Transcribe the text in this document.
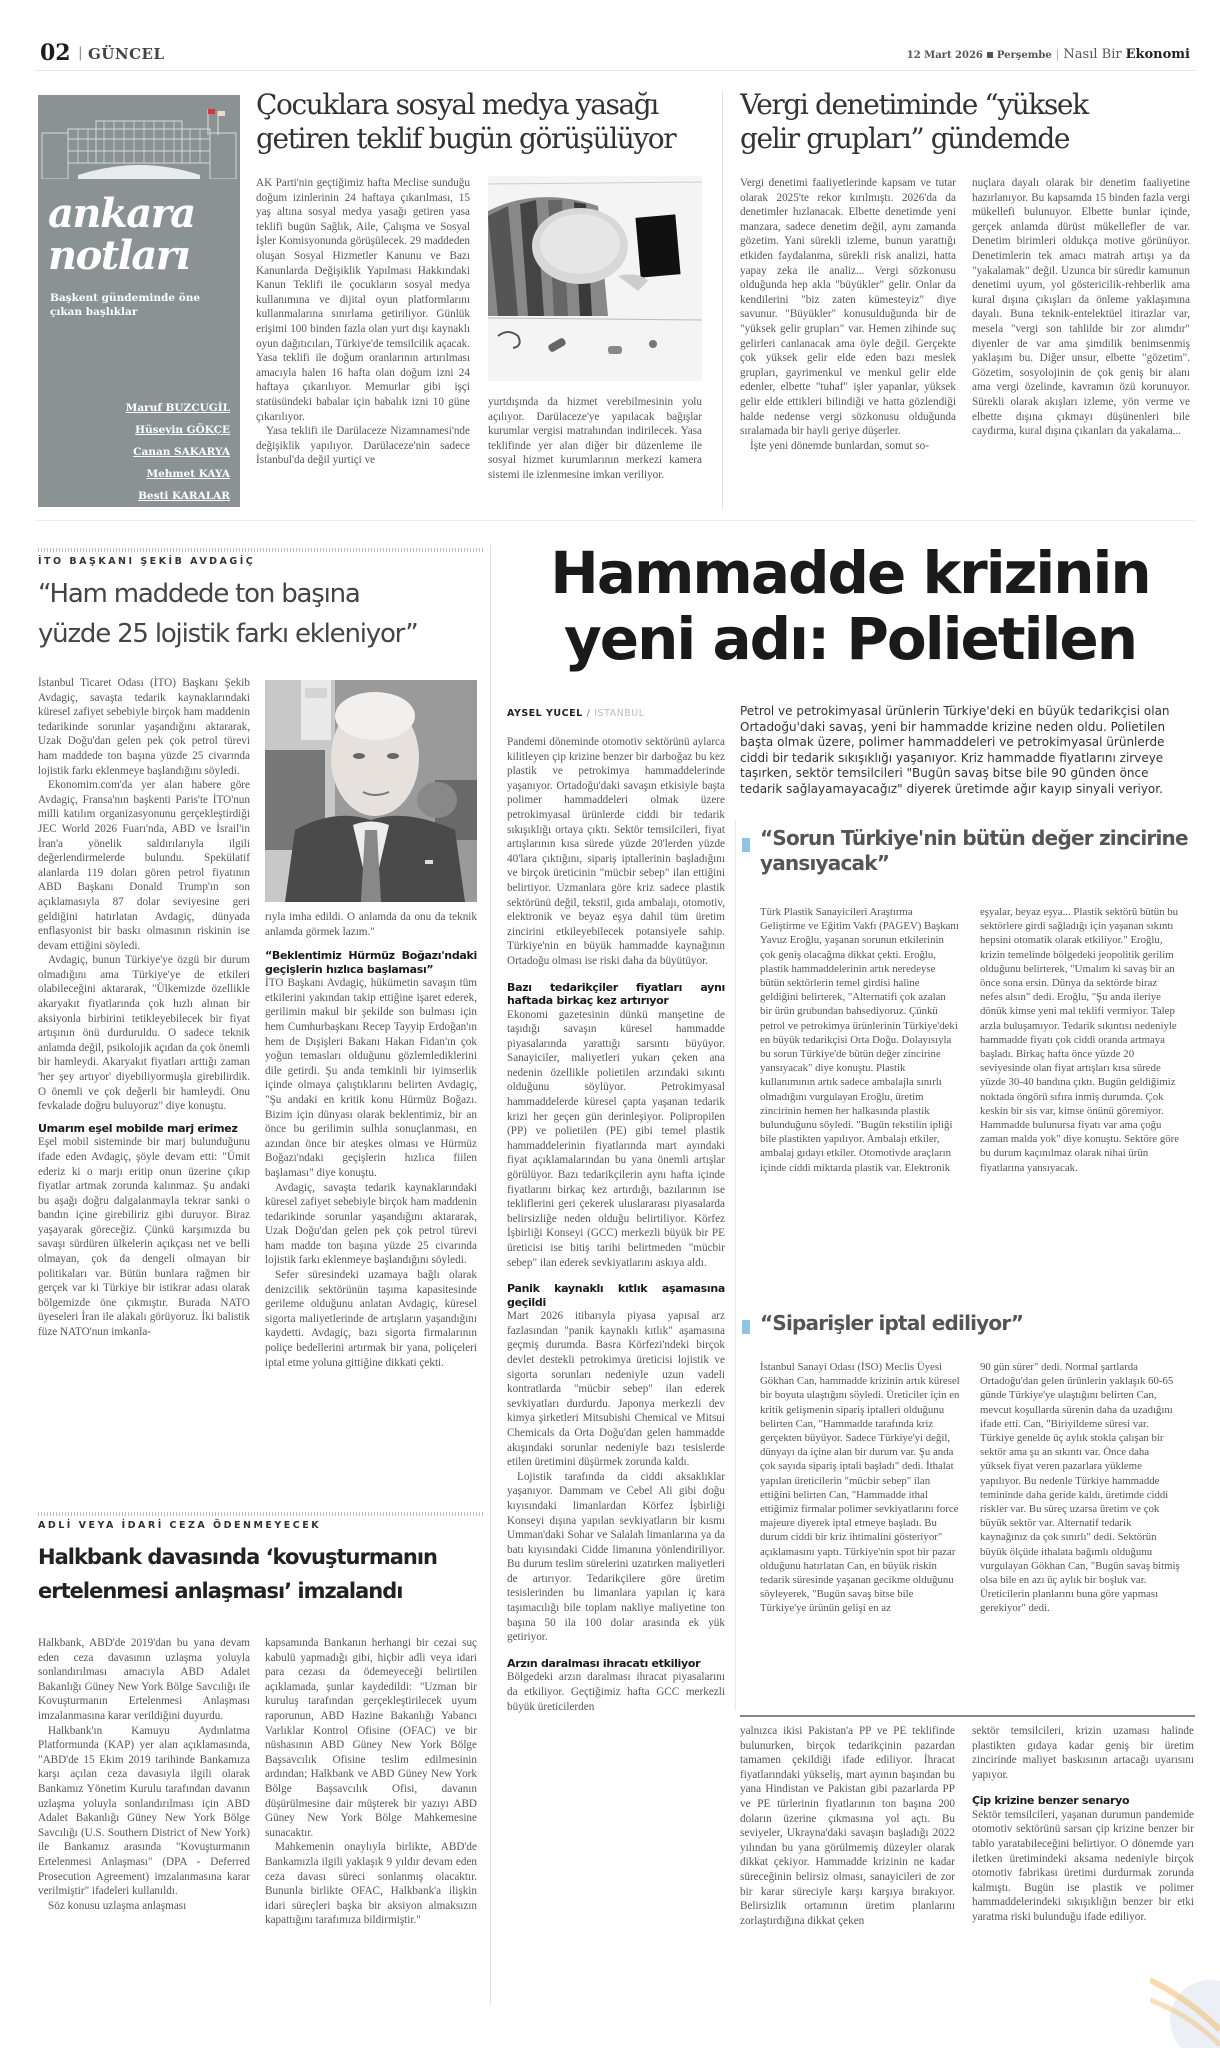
02 | GÜNCEL	12 Mart 2026 Perşembe | Nasıl Bir Ekonomi
ankara
notları
Başkent gündeminde öne çıkan başlıklar
Maruf BUZCUGİL
Hüseyin GÖKÇE
Canan SAKARYA
Mehmet KAYA
Besti KARALAR
Çocuklara sosyal medya yasağı
getiren teklif bugün görüşülüyor

AK Parti'nin geçtiğimiz hafta Meclise sunduğu doğum izinlerinin 24 haftaya çıkarılması, 15 yaş altına sosyal medya yasağı getiren yasa teklifi bugün Sağlık, Aile, Çalışma ve Sosyal İşler Komisyonunda görüşülecek. 29 maddeden oluşan Sosyal Hizmetler Kanunu ve Bazı Kanunlarda Değişiklik Yapılması Hakkındaki Kanun Teklifi ile çocukların sosyal medya kullanımına ve dijital oyun platformlarını kullanmalarına sınırlama getiriliyor. Günlük erişimi 100 binden fazla olan yurt dışı kaynaklı oyun dağıtıcıları, Türkiye'de temsilcilik açacak. Yasa teklifi ile doğum oranlarının artırılması amacıyla halen 16 hafta olan doğum izni 24 haftaya çıkarılıyor. Memurlar gibi işçi statüsündeki babalar için babalık izni 10 güne çıkarılıyor.

Yasa teklifi ile Darülaceze Nizamnamesi'nde değişiklik yapılıyor. Darülaceze'nin sadece İstanbul'da değil yurtiçi ve

yurtdışında da hizmet verebilmesinin yolu açılıyor. Darülaceze'ye yapılacak bağışlar kurumlar vergisi matrahından indirilecek. Yasa teklifinde yer alan diğer bir düzenleme ile sosyal hizmet kurumlarının merkezi kamera sistemi ile izlenmesine imkan veriliyor.

Vergi denetiminde “yüksek
gelir grupları” gündemde

Vergi denetimi faaliyetlerinde kapsam ve tutar olarak 2025'te rekor kırılmıştı. 2026'da da denetimler hızlanacak. Elbette denetimde yeni manzara, sadece denetim değil, aynı zamanda gözetim. Yani sürekli izleme, bunun yarattığı etkiden faydalanma, sürekli risk analizi, hatta yapay zeka ile analiz... Vergi sözkonusu olduğunda hep akla "büyükler" gelir. Onlar da kendilerini "biz zaten kümesteyiz" diye savunur. "Büyükler" konusulduğunda bir de "yüksek gelir grupları" var. Hemen zihinde suç gelirleri canlanacak ama öyle değil. Gerçekte çok yüksek gelir elde eden bazı meslek grupları, gayrimenkul ve menkul gelir elde edenler, elbette "tuhaf" işler yapanlar, yüksek gelir elde ettikleri bilindiği ve hatta gözlendiği halde nedense vergi sözkonusu olduğunda sıralamada bir hayli geriye düşerler.

İşte yeni dönemde bunlardan, somut so-

nuçlara dayalı olarak bir denetim faaliyetine hazırlanıyor. Bu kapsamda 15 binden fazla vergi mükellefi bulunuyor. Elbette bunlar içinde, gerçek anlamda dürüst mükellefler de var. Denetim birimleri oldukça motive görünüyor. Denetimlerin tek amacı matrah artışı ya da "yakalamak" değil. Uzunca bir süredir kamunun denetimi uyum, yol göstericilik-rehberlik ama kural dışına çıkışları da önleme yaklaşımına dayalı. Buna teknik-entelektüel itirazlar var, mesela "vergi son tahlilde bir zor alımdır" diyenler de var ama şimdilik benimsenmiş yaklaşım bu. Diğer unsur, elbette "gözetim". Gözetim, sosyolojinin de çok geniş bir alanı ama vergi özelinde, kavramın özü korunuyor. Sürekli olarak akışları izleme, yön verme ve elbette dışına çıkmayı düşünenleri bile caydırma, kural dışına çıkanları da yakalama...

İTO BAŞKANI ŞEKİB AVDAGİÇ
“Ham maddede ton başına
yüzde 25 lojistik farkı ekleniyor”

İstanbul Ticaret Odası (İTO) Başkanı Şekib Avdagiç, savaşta tedarik kaynaklarındaki küresel zafiyet sebebiyle birçok ham maddenin tedarikinde sorunlar yaşandığını aktararak, Uzak Doğu'dan gelen pek çok petrol türevi ham maddede ton başına yüzde 25 civarında lojistik farkı eklenmeye başlandığını söyledi.

Ekonomim.com'da yer alan habere göre Avdagiç, Fransa'nın başkenti Paris'te İTO'nun milli katılım organizasyonunu gerçekleştirdiği JEC World 2026 Fuarı'nda, ABD ve İsrail'in İran'a yönelik saldırılarıyla ilgili değerlendirmelerde bulundu. Spekülatif alanlarda 119 doları gören petrol fiyatının ABD Başkanı Donald Trump'ın son açıklamasıyla 87 dolar seviyesine geri geldiğini hatırlatan Avdagiç, dünyada enflasyonist bir baskı olmasının riskinin ise devam ettiğini söyledi.

Avdagiç, bunun Türkiye'ye özgü bir durum olmadığını ama Türkiye'ye de etkileri olabileceğini aktararak, "Ülkemizde özellikle akaryakıt fiyatlarında çok hızlı alınan bir aksiyonla birbirini tetikleyebilecek bir fiyat artışının önü durduruldu. O sadece teknik anlamda değil, psikolojik açıdan da çok önemli bir hamleydi. Akaryakıt fiyatları arttığı zaman 'her şey artıyor' diyebiliyormuşla girebilirdik. O önemli ve çok değerli bir hamleydi. Onu fevkalade doğru buluyoruz" diye konuştu.

Umarım eşel mobilde marj erimez

Eşel mobil sisteminde bir marj bulunduğunu ifade eden Avdagiç, şöyle devam etti: "Ümit ederiz ki o marjı eritip onun üzerine çıkıp fiyatlar artmak zorunda kalınmaz. Şu andaki bu aşağı doğru dalgalanmayla tekrar sanki o bandın içine girebiliriz gibi duruyor. Biraz yaşayarak göreceğiz. Çünkü karşımızda bu savaşı sürdüren ülkelerin açıkçası net ve belli olmayan, çok da dengeli olmayan bir politikaları var. Bütün bunlara rağmen bir gerçek var ki Türkiye bir istikrar adası olarak bölgemizde öne çıkmıştır. Burada NATO üyeseleri İran ile alakalı görüyoruz. İki balistik füze NATO'nun imkanla-

rıyla imha edildi. O anlamda da onu da teknik anlamda görmek lazım."

“Beklentimiz Hürmüz Boğazı'ndaki geçişlerin hızlıca başlaması”

İTO Başkanı Avdagiç, hükümetin savaşın tüm etkilerini yakından takip ettiğine işaret ederek, gerilimin makul bir şekilde son bulması için hem Cumhurbaşkanı Recep Tayyip Erdoğan'ın hem de Dışişleri Bakanı Hakan Fidan'ın çok yoğun temasları olduğunu gözlemlediklerini dile getirdi. Şu anda temkinli bir iyimserlik içinde olmaya çalıştıklarını belirten Avdagiç, "Şu andaki en kritik konu Hürmüz Boğazı. Bizim için dünyası olarak beklentimiz, bir an önce bu gerilimin sulhla sonuçlanması, en azından önce bir ateşkes olması ve Hürmüz Boğazı'ndaki geçişlerin hızlıca fiilen başlaması" diye konuştu.

Avdagiç, savaşta tedarik kaynaklarındaki küresel zafiyet sebebiyle birçok ham maddenin tedarikinde sorunlar yaşandığını aktararak, Uzak Doğu'dan gelen pek çok petrol türevi ham madde ton başına yüzde 25 civarında lojistik farkı eklenmeye başlandığını söyledi.

Sefer süresindeki uzamaya bağlı olarak denizcilik sektörünün taşıma kapasitesinde gerileme olduğunu anlatan Avdagiç, küresel sigorta maliyetlerinde de artışların yaşandığını kaydetti. Avdagiç, bazı sigorta firmalarının poliçe bedellerini artırmak bir yana, poliçeleri iptal etme yoluna gittiğine dikkati çekti.

Hammadde krizinin
yeni adı: Polietilen
AYSEL YÜCEL / İSTANBUL	Petrol ve petrokimyasal ürünlerin Türkiye'deki en büyük tedarikçisi olan Ortadoğu'daki savaş, yeni bir hammadde krizine neden oldu. Polietilen başta olmak üzere, polimer hammaddeleri ve petrokimyasal ürünlerde ciddi bir tedarik sıkışıklığı yaşanıyor. Kriz hammadde fiyatlarını zirveye taşırken, sektör temsilcileri "Bugün savaş bitse bile 90 günden önce tedarik sağlayamayacağız" diyerek üretimde ağır kayıp sinyali veriyor.

Pandemi döneminde otomotiv sektörünü aylarca kilitleyen çip krizine benzer bir darboğaz bu kez plastik ve petrokimya hammaddelerinde yaşanıyor. Ortadoğu'daki savaşın etkisiyle başta polimer hammaddeleri olmak üzere petrokimyasal ürünlerde ciddi bir tedarik sıkışıklığı ortaya çıktı. Sektör temsilcileri, fiyat artışlarının kısa sürede yüzde 20'lerden yüzde 40'lara çıktığını, sipariş iptallerinin başladığını ve birçok üreticinin "mücbir sebep" ilan ettiğini belirtiyor. Uzmanlara göre kriz sadece plastik sektörünü değil, tekstil, gıda ambalajı, otomotiv, elektronik ve beyaz eşya dahil tüm üretim zincirini etkileyebilecek potansiyele sahip. Türkiye'nin en büyük hammadde kaynağının Ortadoğu olması ise riski daha da büyütüyor.

Bazı tedarikçiler fiyatları aynı haftada birkaç kez artırıyor

Ekonomi gazetesinin dünkü manşetine de taşıdığı savaşın küresel hammadde piyasalarında yarattığı sarsıntı büyüyor. Sanayiciler, maliyetleri yukarı çeken ana nedenin özellikle polietilen arzındaki sıkıntı olduğunu söylüyor. Petrokimyasal hammaddelerde küresel çapta yaşanan tedarik krizi her geçen gün derinleşiyor. Polipropilen (PP) ve polietilen (PE) gibi temel plastik hammaddelerinin fiyatlarında mart ayındaki fiyat açıklamalarından bu yana önemli artışlar görülüyor. Bazı tedarikçilerin aynı hafta içinde fiyatlarını birkaç kez artırdığı, bazılarının ise tekliflerini geri çekerek uluslararası piyasalarda belirsizliğe neden olduğu belirtiliyor. Körfez İşbirliği Konseyi (GCC) merkezli büyük bir PE üreticisi ise bitiş tarihi belirtmeden "mücbir sebep" ilan ederek sevkiyatlarını askıya aldı.

Panik kaynaklı kıtlık aşamasına geçildi

Mart 2026 itibarıyla piyasa yapısal arz fazlasından "panik kaynaklı kıtlık" aşamasına geçmiş durumda. Basra Körfezi'ndeki birçok devlet destekli petrokimya üreticisi lojistik ve sigorta sorunları nedeniyle uzun vadeli kontratlarda "mücbir sebep" ilan ederek sevkiyatları durdurdu. Japonya merkezli dev kimya şirketleri Mitsubishi Chemical ve Mitsui Chemicals da Orta Doğu'dan gelen hammadde akışındaki sorunlar nedeniyle bazı tesislerde etilen üretimini düşürmek zorunda kaldı.

Lojistik tarafında da ciddi aksaklıklar yaşanıyor. Dammam ve Cebel Ali gibi doğu kıyısındaki limanlardan Körfez İşbirliği Konseyi dışına yapılan sevkiyatların bir kısmı Umman'daki Sohar ve Salalah limanlarına ya da batı kıyısındaki Cidde limanına yönlendiriliyor. Bu durum teslim sürelerini uzatırken maliyetleri de artırıyor. Tedarikçilere göre üretim tesislerinden bu limanlara yapılan iç kara taşımacılığı bile toplam nakliye maliyetine ton başına 50 ila 100 dolar arasında ek yük getiriyor.

Arzın daralması ihracatı etkiliyor

Bölgedeki arzın daralması ihracat piyasalarını da etkiliyor. Geçtiğimiz hafta GCC merkezli büyük üreticilerden

“Sorun Türkiye'nin bütün değer zincirine yansıyacak”

Türk Plastik Sanayicileri Araştırma Geliştirme ve Eğitim Vakfı (PAGEV) Başkanı Yavuz Eroğlu, yaşanan sorunun etkilerinin çok geniş olacağına dikkat çekti. Eroğlu, plastik hammaddelerinin artık neredeyse bütün sektörlerin temel girdisi haline geldiğini belirterek, "Alternatifi çok azalan bir ürün grubundan bahsediyoruz. Çünkü petrol ve petrokimya ürünlerinin Türkiye'deki en büyük tedarikçisi Orta Doğu. Dolayısıyla bu sorun Türkiye'de bütün değer zincirine yansıyacak" diye konuştu. Plastik kullanımının artık sadece ambalajla sınırlı olmadığını vurgulayan Eroğlu, üretim zincirinin hemen her halkasında plastik bulunduğunu söyledi. "Bugün tekstilin ipliği bile plastikten yapılıyor. Ambalajı etkiler, ambalaj gıdayı etkiler. Otomotivde araçların içinde ciddi miktarda plastik var. Elektronik

eşyalar, beyaz eşya... Plastik sektörü bütün bu sektörlere girdi sağladığı için yaşanan sıkıntı hepsini otomatik olarak etkiliyor." Eroğlu, krizin temelinde bölgedeki jeopolitik gerilim olduğunu belirterek, "Umalım ki savaş bir an önce sona ersin. Dünya da sektörde biraz nefes alsın" dedi. Eroğlu, "Şu anda ileriye dönük kimse yeni mal teklifi vermiyor. Talep arzla buluşamıyor. Tedarik sıkıntısı nedeniyle hammadde fiyatı çok ciddi oranda artmaya başladı. Birkaç hafta önce yüzde 20 seviyesinde olan fiyat artışları kısa sürede yüzde 30-40 bandına çıktı. Bugün geldiğimiz noktada öngörü sıfıra inmiş durumda. Çok keskin bir sis var, kimse önünü göremiyor. Hammadde bulunursa fiyatı var ama çoğu zaman malda yok" diye konuştu. Sektöre göre bu durum kaçınılmaz olarak nihai ürün fiyatlarına yansıyacak.

“Siparişler iptal ediliyor”

İstanbul Sanayi Odası (İSO) Meclis Üyesi Gökhan Can, hammadde krizinin artık küresel bir boyuta ulaştığını söyledi. Üreticiler için en kritik gelişmenin sipariş iptalleri olduğunu belirten Can, "Hammadde tarafında kriz gerçekten büyüyor. Sadece Türkiye'yi değil, dünyayı da içine alan bir durum var. Şu anda çok sayıda sipariş iptali başladı" dedi. İthalat yapılan üreticilerin "mücbir sebep" ilan ettiğini belirten Can, "Hammadde ithal ettiğimiz firmalar polimer sevkiyatlarını force majeure diyerek iptal etmeye başladı. Bu durum ciddi bir kriz ihtimalini gösteriyor" açıklamasını yaptı. Türkiye'nin spot bir pazar olduğunu hatırlatan Can, en büyük riskin tedarik süresinde yaşanan gecikme olduğunu söyleyerek, "Bugün savaş bitse bile Türkiye'ye ürünün gelişi en az

90 gün sürer" dedi. Normal şartlarda Ortadoğu'dan gelen ürünlerin yaklaşık 60-65 günde Türkiye'ye ulaştığını belirten Can, mevcut koşullarda sürenin daha da uzadığını ifade etti. Can, "Biriyildeme süresi var. Türkiye genelde üç aylık stokla çalışan bir sektör ama şu an sıkıntı var. Önce daha yüksek fiyat veren pazarlara yükleme yapılıyor. Bu nedenle Türkiye hammadde temininde daha geride kaldı, üretimde ciddi riskler var. Bu süreç uzarsa üretim ve çok büyük sektör var. Alternatif tedarik kaynağınız da çok sınırlı" dedi. Sektörün büyük ölçüde ithalata bağımlı olduğunu vurgulayan Gökhan Can, "Bugün savaş bitmiş olsa bile en azı üç aylık bir boşluk var. Üreticilerin planlarını buna göre yapması gerekiyor" dedi.

yalnızca ikisi Pakistan'a PP ve PE teklifinde bulunurken, birçok tedarikçinin pazardan tamamen çekildiği ifade ediliyor. İhracat fiyatlarındaki yükseliş, mart ayının başından bu yana Hindistan ve Pakistan gibi pazarlarda PP ve PE türlerinin fiyatlarının ton başına 200 doların üzerine çıkmasına yol açtı. Bu seviyeler, Ukrayna'daki savaşın başladığı 2022 yılından bu yana görülmemiş düzeyler olarak dikkat çekiyor. Hammadde krizinin ne kadar süreceğinin belirsiz olması, sanayicileri de zor bir karar süreciyle karşı karşıya bırakıyor. Belirsizlik ortamının üretim planlarını zorlaştırdığına dikkat çeken

sektör temsilcileri, krizin uzaması halinde plastikten gıdaya kadar geniş bir üretim zincirinde maliyet baskısının artacağı uyarısını yapıyor.

Çip krizine benzer senaryo

Sektör temsilcileri, yaşanan durumun pandemide otomotiv sektörünü sarsan çip krizine benzer bir tablo yaratabileceğini belirtiyor. O dönemde yarı iletken üretimindeki aksama nedeniyle birçok otomotiv fabrikası üretimi durdurmak zorunda kalmıştı. Bugün ise plastik ve polimer hammaddelerindeki sıkışıklığın benzer bir etki yaratma riski bulunduğu ifade ediliyor.

ADLİ VEYA İDARİ CEZA ÖDENMEYECEK
Halkbank davasında ‘kovuşturmanın
ertelenmesi anlaşması’ imzalandı

Halkbank, ABD'de 2019'dan bu yana devam eden ceza davasının uzlaşma yoluyla sonlandırılması amacıyla ABD Adalet Bakanlığı Güney New York Bölge Savcılığı ile Kovuşturmanın Ertelenmesi Anlaşması imzalanmasına karar verildiğini duyurdu.

Halkbank'ın Kamuyu Aydınlatma Platformunda (KAP) yer alan açıklamasında, "ABD'de 15 Ekim 2019 tarihinde Bankamıza karşı açılan ceza davasıyla ilgili olarak Bankamız Yönetim Kurulu tarafından davanın uzlaşma yoluyla sonlandırılması için ABD Adalet Bakanlığı Güney New York Bölge Savcılığı (U.S. Southern District of New York) ile Bankamız arasında "Kovuşturmanın Ertelenmesi Anlaşması" (DPA - Deferred Prosecution Agreement) imzalanmasına karar verilmiştir" ifadeleri kullanıldı.

Söz konusu uzlaşma anlaşması

kapsamında Bankanın herhangi bir cezai suç kabulü yapmadığı gibi, hiçbir adli veya idari para cezası da ödemeyeceği belirtilen açıklamada, şunlar kaydedildi: "Uzman bir kuruluş tarafından gerçekleştirilecek uyum raporunun, ABD Hazine Bakanlığı Yabancı Varlıklar Kontrol Ofisine (OFAC) ve bir nüshasının ABD Güney New York Bölge Başsavcılık Ofisine teslim edilmesinin ardından; Halkbank ve ABD Güney New York Bölge Başsavcılık Ofisi, davanın düşürülmesine dair müşterek bir yazıyı ABD Güney New York Bölge Mahkemesine sunacaktır.

Mahkemenin onaylıyla birlikte, ABD'de Bankamızla ilgili yaklaşık 9 yıldır devam eden ceza davası süreci sonlanmış olacaktır. Bununla birlikte OFAC, Halkbank'a ilişkin idari süreçleri başka bir aksiyon almaksızın kapattığını tarafımıza bildirmiştir."
